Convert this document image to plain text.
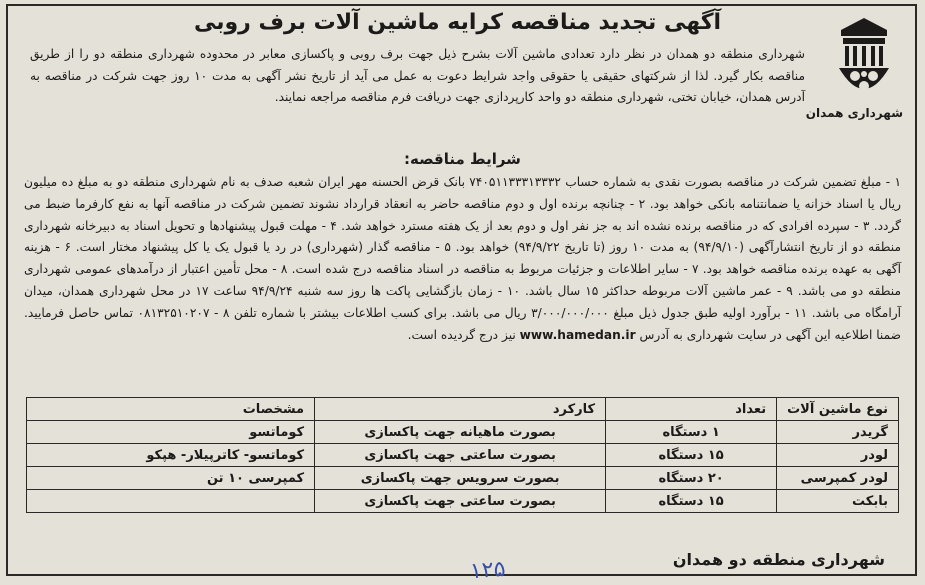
شهرداری همدان
آگهی تجدید مناقصه کرایه ماشین آلات برف روبی
شهرداری منطقه دو همدان در نظر دارد تعدادی ماشین آلات بشرح ذیل جهت برف روبی و پاکسازی معابر در محدوده شهرداری منطقه دو را از طریق مناقصه بکار گیرد. لذا از شرکتهای حقیقی یا حقوقی واجد شرایط دعوت به عمل می آید از تاریخ نشر آگهی به مدت ۱۰ روز جهت شرکت در مناقصه به آدرس همدان، خیابان تختی، شهرداری منطقه دو واحد کارپردازی جهت دریافت فرم مناقصه مراجعه نمایند.
شرایط مناقصه:
۱ - مبلغ تضمین شرکت در مناقصه بصورت نقدی به شماره حساب ۷۴۰۵۱۱۳۳۳۱۳۳۳۲ بانک قرض الحسنه مهر ایران شعبه صدف به نام شهرداری منطقه دو به مبلغ ده میلیون ریال یا اسناد خزانه یا ضمانتنامه بانکی خواهد بود. ۲ - چنانچه برنده اول و دوم مناقصه حاضر به انعقاد قرارداد نشوند تضمین شرکت در مناقصه آنها به نفع کارفرما ضبط می گردد. ۳ - سپرده افرادی که در مناقصه برنده نشده اند به جز نفر اول و دوم بعد از یک هفته مسترد خواهد شد. ۴ - مهلت قبول پیشنهادها و تحویل اسناد به دبیرخانه شهرداری منطقه دو از تاریخ انتشارآگهی (۹۴/۹/۱۰) به مدت ۱۰ روز (تا تاریخ ۹۴/۹/۲۲) خواهد بود. ۵ - مناقصه گذار (شهرداری) در رد یا قبول یک یا کل پیشنهاد مختار است. ۶ - هزینه آگهی به عهده برنده مناقصه خواهد بود. ۷ - سایر اطلاعات و جزئیات مربوط به مناقصه در اسناد مناقصه درج شده است. ۸ - محل تأمین اعتبار از درآمدهای عمومی شهرداری منطقه دو می باشد. ۹ - عمر ماشین آلات مربوطه حداکثر ۱۵ سال باشد. ۱۰ - زمان بازگشایی پاکت ها روز سه شنبه ۹۴/۹/۲۴ ساعت ۱۷ در محل شهرداری همدان، میدان آرامگاه می باشد. ۱۱ - برآورد اولیه طبق جدول ذیل مبلغ ۳/۰۰۰/۰۰۰/۰۰۰ ریال می باشد. برای کسب اطلاعات بیشتر با شماره تلفن ۸ - ۰۸۱۳۲۵۱۰۲۰۷ تماس حاصل فرمایید. ضمنا اطلاعیه این آگهی در سایت شهرداری به آدرس www.hamedan.ir نیز درج گردیده است.
نوع ماشین آلات	تعداد	کارکرد	مشخصات
گریدر	۱ دستگاه	بصورت ماهیانه جهت پاکسازی	کوماتسو
لودر	۱۵ دستگاه	بصورت ساعتی جهت پاکسازی	کوماتسو- کاترپیلار- هپکو
لودر کمپرسی	۲۰ دستگاه	بصورت سرویس جهت پاکسازی	کمپرسی ۱۰ تن
بابکت	۱۵ دستگاه	بصورت ساعتی جهت پاکسازی	
شهرداری منطقه دو همدان
۱۲۵
